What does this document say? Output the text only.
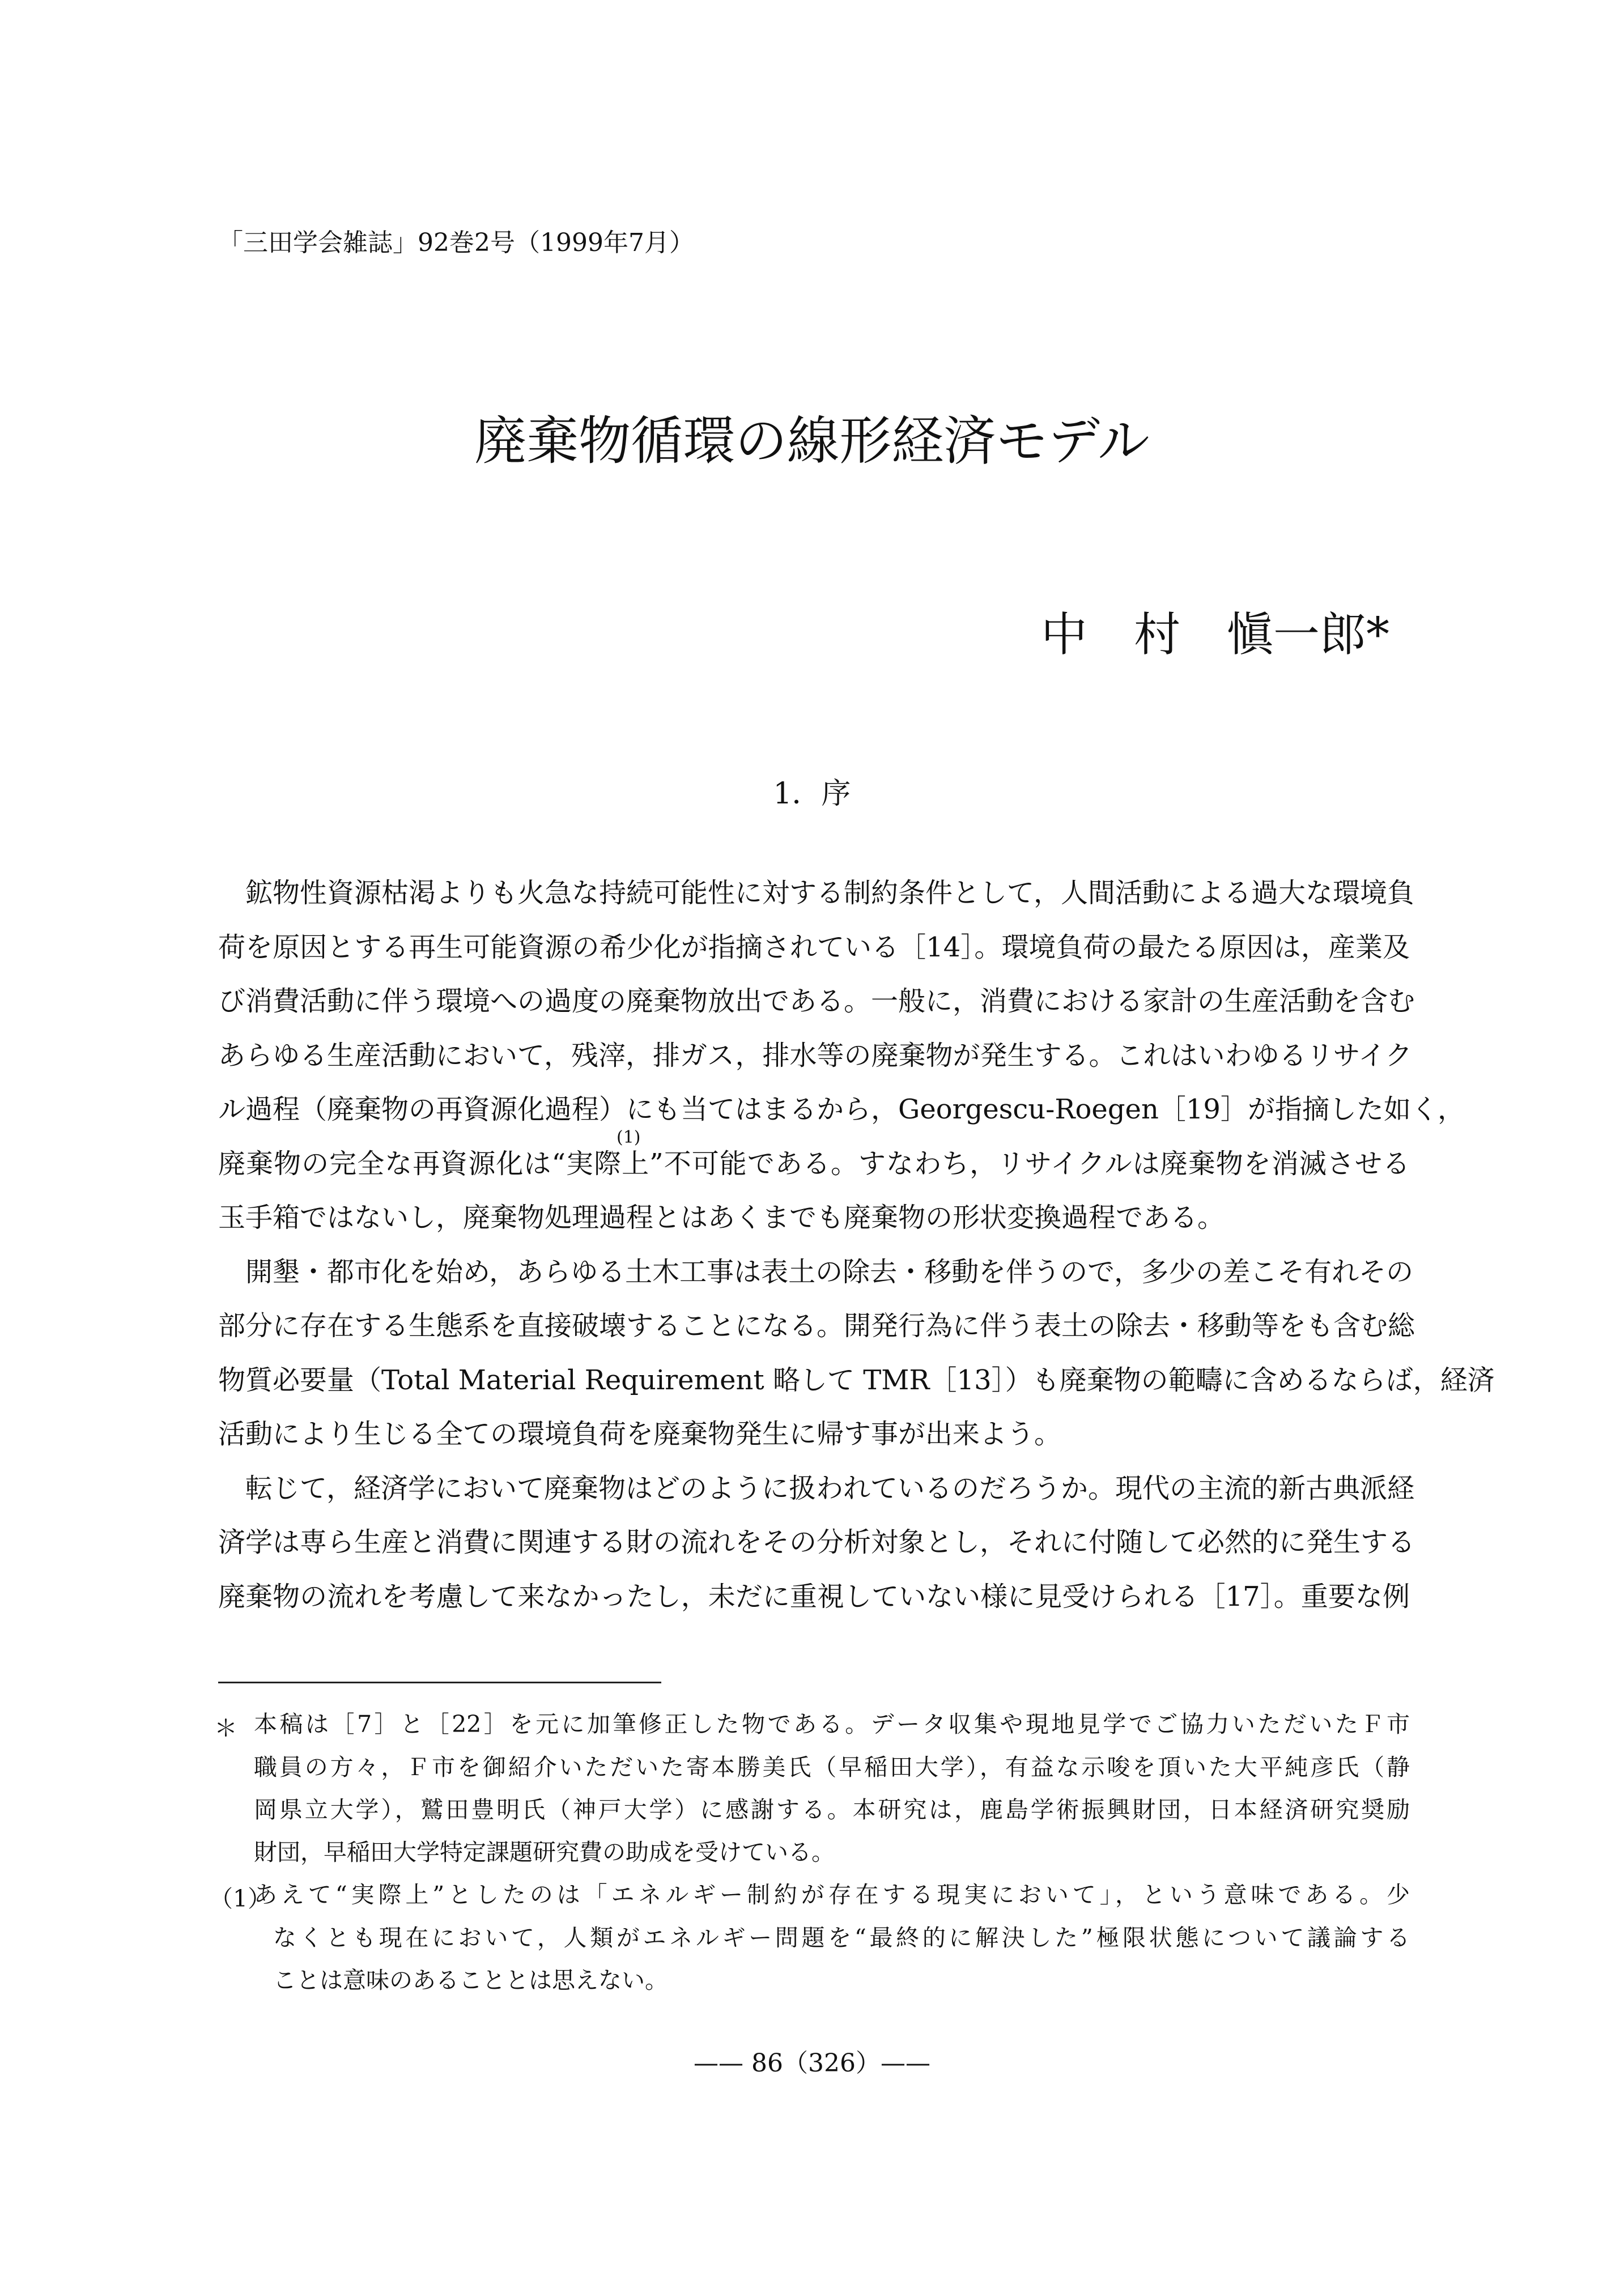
「三田学会雑誌」92巻2号（1999年7月）
廃棄物循環の線形経済モデル
中　村　愼一郎*
1．序
鉱物性資源枯渇よりも火急な持続可能性に対する制約条件として，人間活動による過大な環境負
荷を原因とする再生可能資源の希少化が指摘されている［14］。環境負荷の最たる原因は，産業及
び消費活動に伴う環境への過度の廃棄物放出である。一般に，消費における家計の生産活動を含む
あらゆる生産活動において，残滓，排ガス，排水等の廃棄物が発生する。これはいわゆるリサイク
ル過程（廃棄物の再資源化過程）にも当てはまるから，Georgescu-Roegen［19］が指摘した如く，
廃棄物の完全な再資源化は“実際上”不可能である。すなわち，リサイクルは廃棄物を消滅させる
玉手箱ではないし，廃棄物処理過程とはあくまでも廃棄物の形状変換過程である。
開墾・都市化を始め，あらゆる土木工事は表土の除去・移動を伴うので，多少の差こそ有れその
部分に存在する生態系を直接破壊することになる。開発行為に伴う表土の除去・移動等をも含む総
物質必要量（Total Material Requirement 略して TMR［13］）も廃棄物の範疇に含めるならば，経済
活動により生じる全ての環境負荷を廃棄物発生に帰す事が出来よう。
転じて，経済学において廃棄物はどのように扱われているのだろうか。現代の主流的新古典派経
済学は専ら生産と消費に関連する財の流れをその分析対象とし，それに付随して必然的に発生する
廃棄物の流れを考慮して来なかったし，未だに重視していない様に見受けられる［17］。重要な例
(1)
＊ 本稿は［7］と［22］を元に加筆修正した物である。データ収集や現地見学でご協力いただいたＦ市
職員の方々，Ｆ市を御紹介いただいた寄本勝美氏（早稲田大学），有益な示唆を頂いた大平純彦氏（静
岡県立大学），鷲田豊明氏（神戸大学）に感謝する。本研究は，鹿島学術振興財団，日本経済研究奨励
財団，早稲田大学特定課題研究費の助成を受けている。
（1）
あえて“実際上”としたのは「エネルギー制約が存在する現実において」，という意味である。少
なくとも現在において，人類がエネルギー問題を“最終的に解決した”極限状態について議論する
ことは意味のあることとは思えない。
—— 86（326）——
